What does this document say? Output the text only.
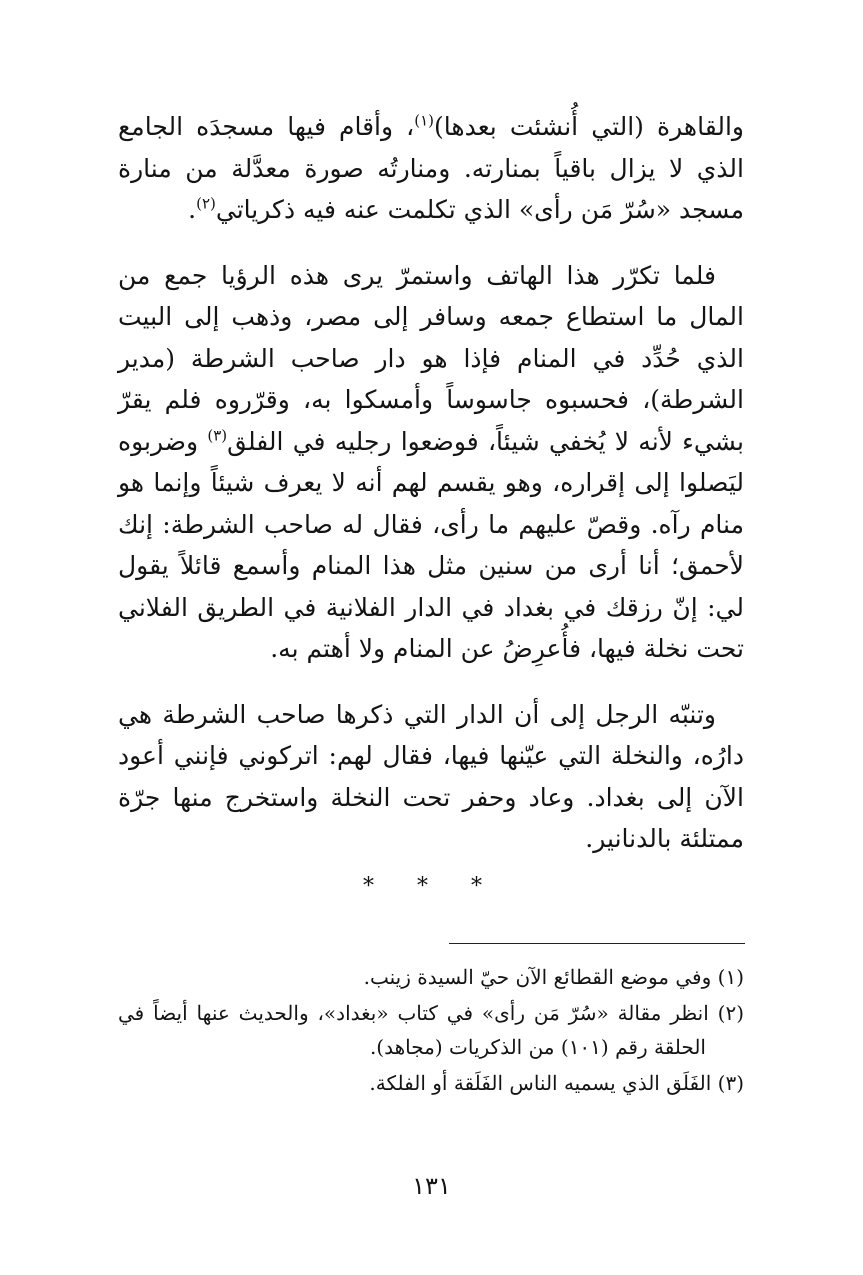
والقاهرة (التي أُنشئت بعدها)$^{(١)}$، وأقام فيها مسجدَه الجامع الذي لا يزال باقياً بمنارته. ومنارتُه صورة معدَّلة من منارة مسجد «سُرّ مَن رأى» الذي تكلمت عنه فيه ذكرياتي$^{(٢)}$.

فلما تكرّر هذا الهاتف واستمرّ يرى هذه الرؤيا جمع من المال ما استطاع جمعه وسافر إلى مصر، وذهب إلى البيت الذي حُدِّد في المنام فإذا هو دار صاحب الشرطة (مدير الشرطة)، فحسبوه جاسوساً وأمسكوا به، وقرّروه فلم يقرّ بشيء لأنه لا يُخفي شيئاً، فوضعوا رجليه في الفلق$^{(٣)}$ وضربوه ليَصلوا إلى إقراره، وهو يقسم لهم أنه لا يعرف شيئاً وإنما هو منام رآه. وقصّ عليهم ما رأى، فقال له صاحب الشرطة: إنك لأحمق؛ أنا أرى من سنين مثل هذا المنام وأسمع قائلاً يقول لي: إنّ رزقك في بغداد في الدار الفلانية في الطريق الفلاني تحت نخلة فيها، فأُعرِضُ عن المنام ولا أهتم به.

وتنبّه الرجل إلى أن الدار التي ذكرها صاحب الشرطة هي دارُه، والنخلة التي عيّنها فيها، فقال لهم: اتركوني فإنني أعود الآن إلى بغداد. وعاد وحفر تحت النخلة واستخرج منها جرّة ممتلئة بالدنانير.

* * *

(١) وفي موضع القطائع الآن حيّ السيدة زينب.

(٢) انظر مقالة «سُرّ مَن رأى» في كتاب «بغداد»، والحديث عنها أيضاً في الحلقة رقم (١٠١) من الذكريات (مجاهد).

(٣) الفَلَق الذي يسميه الناس الفَلَقة أو الفلكة.

١٣١
